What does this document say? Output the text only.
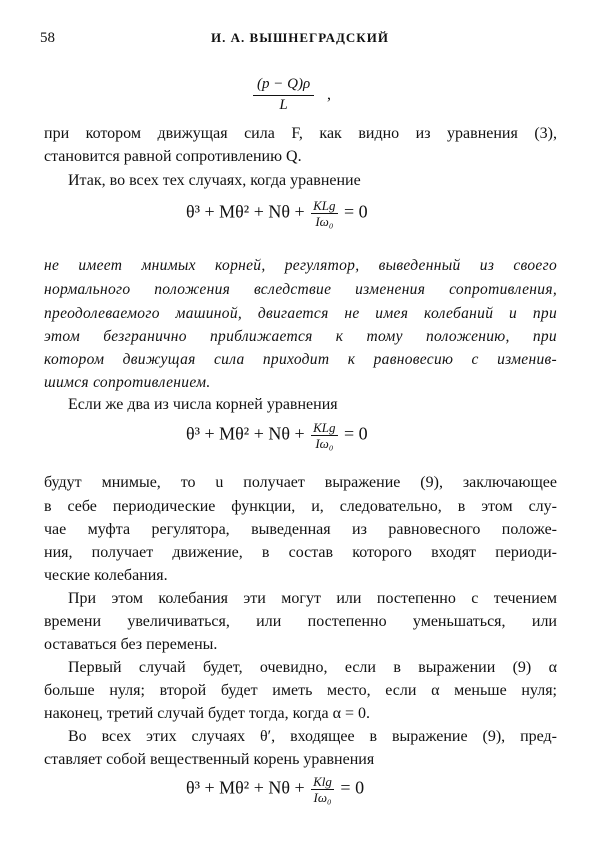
58	И. А. ВЫШНЕГРАДСКИЙ
(p − Q)ρ
L
,
при котором движущая сила F, как видно из уравнения (3),
становится равной сопротивлению Q.
Итак, во всех тех случаях, когда уравнение
$\theta^3 + M\theta^2 + N\theta + \frac{\text{KLg}}{\text{Iω₀}} = 0$
не имеет мнимых корней, регулятор, выведенный из своего
нормального положения вследствие изменения сопротивления,
преодолеваемого машиной, двигается не имея колебаний и при
этом безгранично приближается к тому положению, при
котором движущая сила приходит к равновесию с изменив-
шимся сопротивлением.
Если же два из числа корней уравнения
$\theta^3 + M\theta^2 + N\theta + \frac{\text{KLg}}{\text{Iω₀}} = 0$
будут мнимые, то u получает выражение (9), заключающее
в себе периодические функции, и, следовательно, в этом слу-
чае муфта регулятора, выведенная из равновесного положе-
ния, получает движение, в состав которого входят периоди-
ческие колебания.
При этом колебания эти могут или постепенно с течением
времени увеличиваться, или постепенно уменьшаться, или
оставаться без перемены.
Первый случай будет, очевидно, если в выражении (9) α
больше нуля; второй будет иметь место, если α меньше нуля;
наконец, третий случай будет тогда, когда α = 0.
Во всех этих случаях θ′, входящее в выражение (9), пред-
ставляет собой вещественный корень уравнения
$\theta^3 + M\theta^2 + N\theta + \frac{Klg}{\text{Iω₀}} = 0$
